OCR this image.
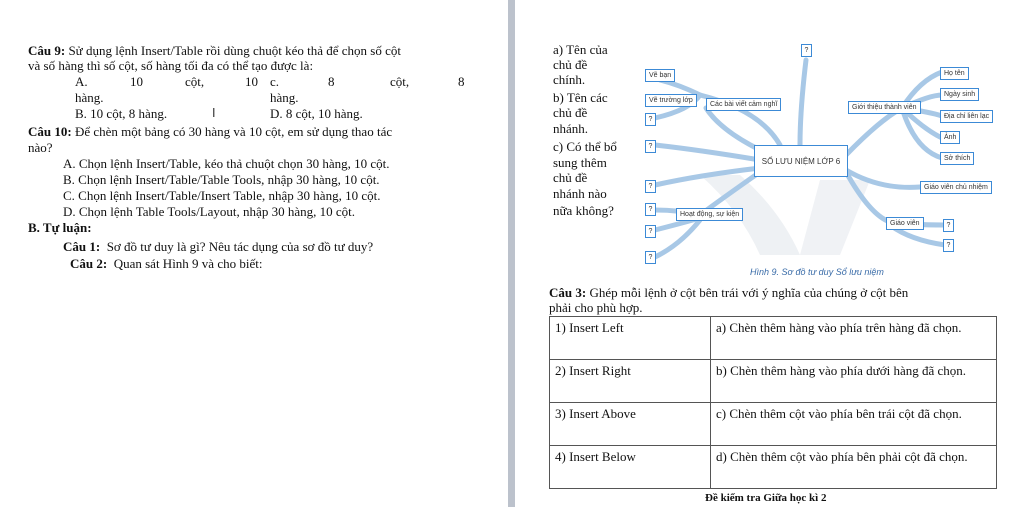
Câu 9: Sử dụng lệnh Insert/Table rồi dùng chuột kéo thả để chọn số cột
và số hàng thì số cột, số hàng tối đa có thể tạo được là:
A.	10	cột,	10
hàng.
c.	8	cột,	8
hàng.
B. 10 cột, 8 hàng.	I	D. 8 cột, 10 hàng.
Câu 10: Để chèn một bảng có 30 hàng và 10 cột, em sử dụng thao tác
nào?
A. Chọn lệnh Insert/Table, kéo thả chuột chọn 30 hàng, 10 cột.
B. Chọn lệnh Insert/Table/Table Tools, nhập 30 hàng, 10 cột.
C. Chọn lệnh Insert/Table/Insert Table, nhập 30 hàng, 10 cột.
D. Chọn lệnh Table Tools/Layout, nhập 30 hàng, 10 cột.
B. Tự luận:
Câu 1: Sơ đồ tư duy là gì? Nêu tác dụng của sơ đồ tư duy?
Câu 2: Quan sát Hình 9 và cho biết:
a) Tên của
chủ đề
chính.
b) Tên các
chủ đề
nhánh.
c) Có thể bổ
sung thêm
chủ đề
nhánh nào
nữa không?
SỐ LƯU NIỆM LỚP 6
?
Vẽ bạn
Vẽ trường lớp
Các bài viết cảm nghĩ
?
?
Giới thiệu thành viên
Họ tên
Ngày sinh
Địa chỉ liên lạc
Ảnh
Sở thích
Giáo viên chủ nhiệm
Giáo viên	?
?
Hoạt động, sự kiện
?
?
?
?
Hình 9. Sơ đồ tư duy Sổ lưu niệm
Câu 3: Ghép mỗi lệnh ở cột bên trái với ý nghĩa của chúng ở cột bên
phải cho phù hợp.
1) Insert Left	a) Chèn thêm hàng vào phía trên hàng đã chọn.
2) Insert Right	b) Chèn thêm hàng vào phía dưới hàng đã chọn.
3) Insert Above	c) Chèn thêm cột vào phía bên trái cột đã chọn.
4) Insert Below	d) Chèn thêm cột vào phía bên phải cột đã chọn.
Đề kiểm tra Giữa học kì 2
